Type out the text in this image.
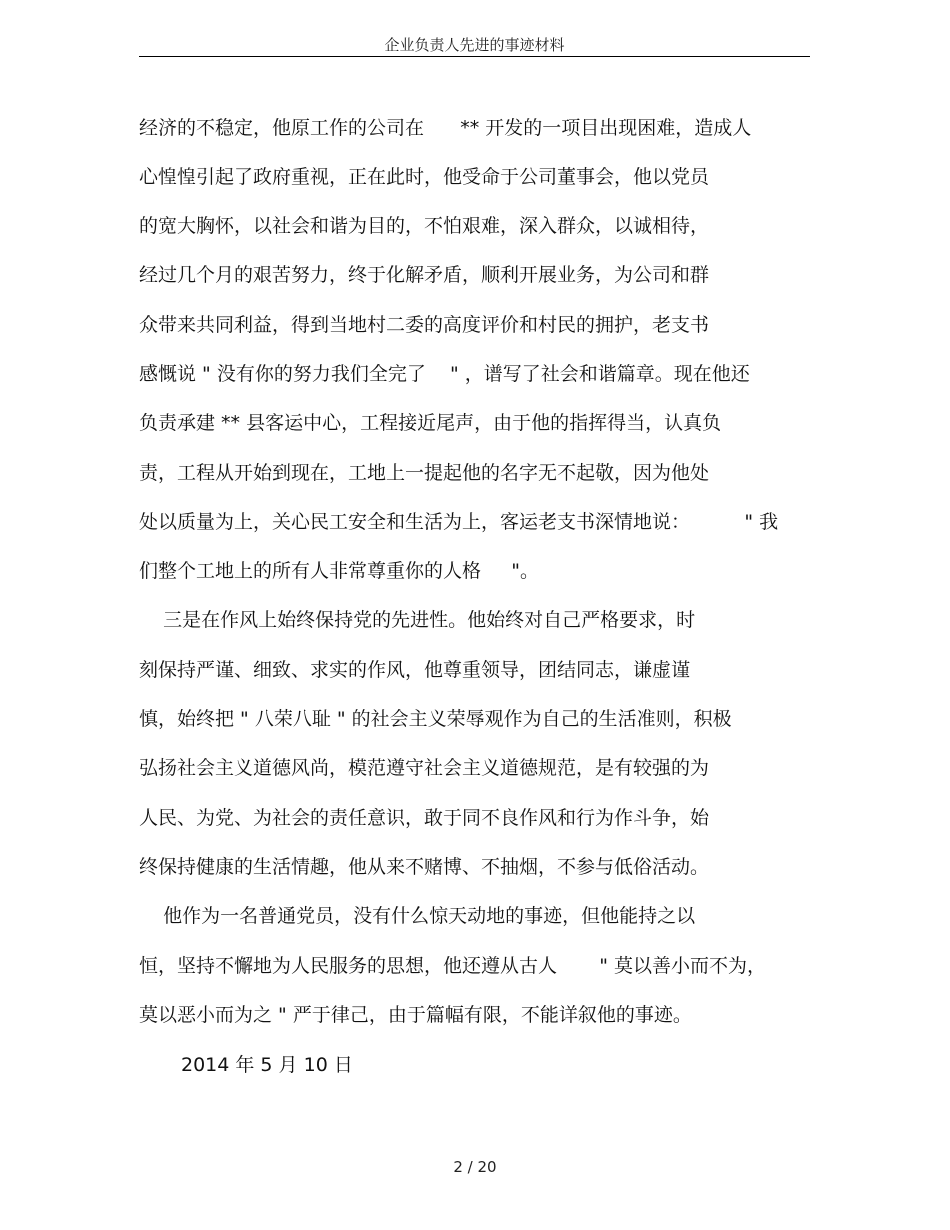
企业负责人先进的事迹材料
经济的不稳定，他原工作的公司在      ** 开发的一项目出现困难，造成人
心惶惶引起了政府重视，正在此时，他受命于公司董事会，他以党员
的宽大胸怀，以社会和谐为目的，不怕艰难，深入群众，以诚相待，
经过几个月的艰苦努力，终于化解矛盾，顺利开展业务，为公司和群
众带来共同利益，得到当地村二委的高度评价和村民的拥护，老支书
感慨说 " 没有你的努力我们全完了    " ，谱写了社会和谐篇章。现在他还
负责承建 ** 县客运中心，工程接近尾声，由于他的指挥得当，认真负
责，工程从开始到现在，工地上一提起他的名字无不起敬，因为他处
处以质量为上，关心民工安全和生活为上，客运老支书深情地说：         " 我
们整个工地上的所有人非常尊重你的人格     "。
三是在作风上始终保持党的先进性。他始终对自己严格要求，时
刻保持严谨、细致、求实的作风，他尊重领导，团结同志，谦虚谨
慎，始终把 " 八荣八耻 " 的社会主义荣辱观作为自己的生活准则，积极
弘扬社会主义道德风尚，模范遵守社会主义道德规范，是有较强的为
人民、为党、为社会的责任意识，敢于同不良作风和行为作斗争，始
终保持健康的生活情趣，他从来不赌博、不抽烟，不参与低俗活动。
他作为一名普通党员，没有什么惊天动地的事迹，但他能持之以
恒，坚持不懈地为人民服务的思想，他还遵从古人       " 莫以善小而不为，
莫以恶小而为之 " 严于律己，由于篇幅有限，不能详叙他的事迹。
2014 年 5 月 10 日
2 / 20
